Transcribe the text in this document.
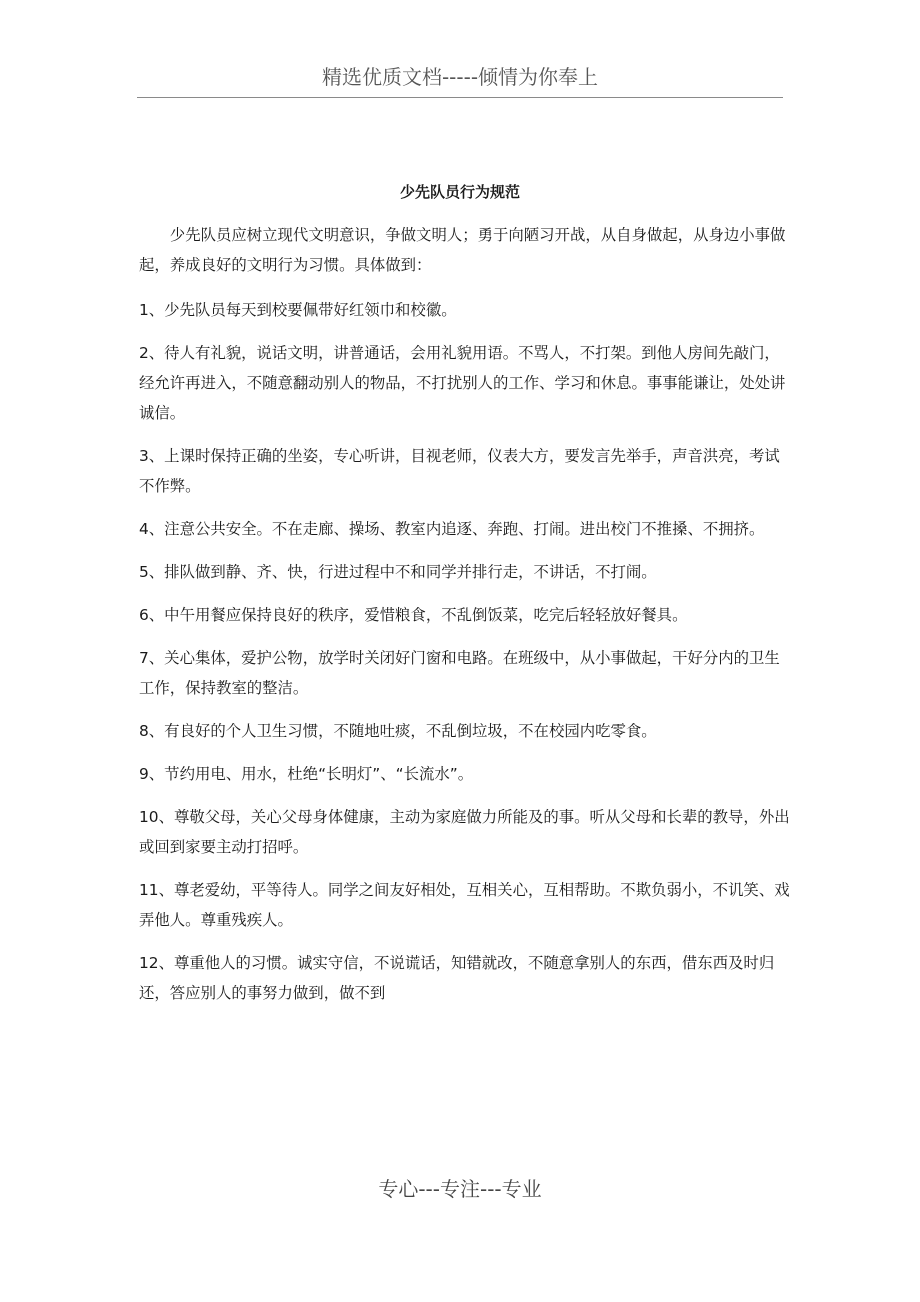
精选优质文档-----倾情为你奉上
少先队员行为规范

少先队员应树立现代文明意识，争做文明人；勇于向陋习开战，从自身做起，从身边小事做起，养成良好的文明行为习惯。具体做到：

1、少先队员每天到校要佩带好红领巾和校徽。

2、待人有礼貌，说话文明，讲普通话，会用礼貌用语。不骂人，不打架。到他人房间先敲门，经允许再进入，不随意翻动别人的物品，不打扰别人的工作、学习和休息。事事能谦让，处处讲诚信。

3、上课时保持正确的坐姿，专心听讲，目视老师，仪表大方，要发言先举手，声音洪亮，考试不作弊。

4、注意公共安全。不在走廊、操场、教室内追逐、奔跑、打闹。进出校门不推搡、不拥挤。

5、排队做到静、齐、快，行进过程中不和同学并排行走，不讲话，不打闹。

6、中午用餐应保持良好的秩序，爱惜粮食，不乱倒饭菜，吃完后轻轻放好餐具。

7、关心集体，爱护公物，放学时关闭好门窗和电路。在班级中，从小事做起，干好分内的卫生工作，保持教室的整洁。

8、有良好的个人卫生习惯，不随地吐痰，不乱倒垃圾，不在校园内吃零食。

9、节约用电、用水，杜绝“长明灯”、“长流水”。

10、尊敬父母，关心父母身体健康，主动为家庭做力所能及的事。听从父母和长辈的教导，外出或回到家要主动打招呼。

11、尊老爱幼，平等待人。同学之间友好相处，互相关心，互相帮助。不欺负弱小，不讥笑、戏弄他人。尊重残疾人。

12、尊重他人的习惯。诚实守信，不说谎话，知错就改，不随意拿别人的东西，借东西及时归还，答应别人的事努力做到，做不到

专心---专注---专业
